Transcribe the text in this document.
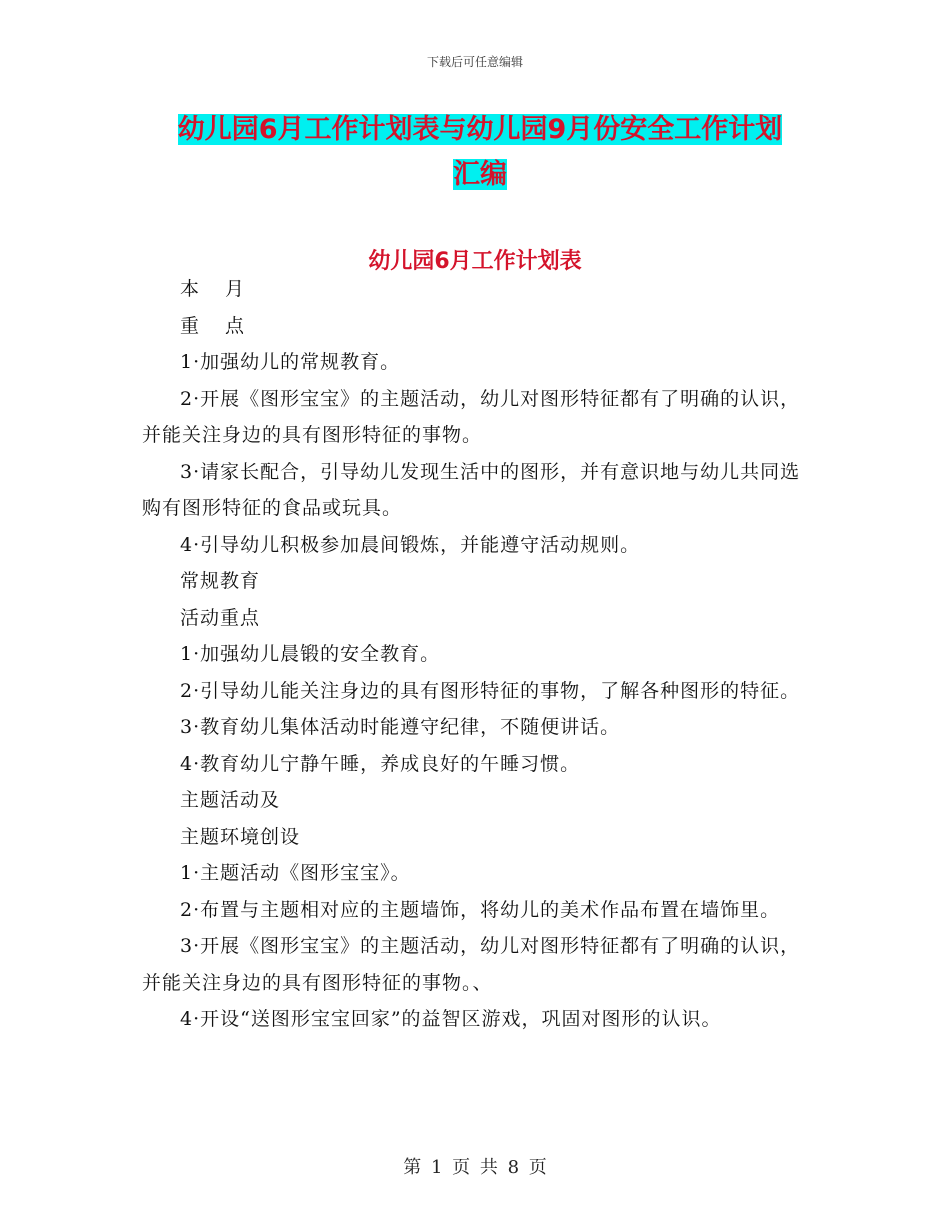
下载后可任意编辑
幼儿园6月工作计划表与幼儿园9月份安全工作计划
汇编
幼儿园6月工作计划表

本 月

重 点

1·加强幼儿的常规教育。

2·开展《图形宝宝》的主题活动，幼儿对图形特征都有了明确的认识，并能关注身边的具有图形特征的事物。

3·请家长配合，引导幼儿发现生活中的图形，并有意识地与幼儿共同选购有图形特征的食品或玩具。

4·引导幼儿积极参加晨间锻炼，并能遵守活动规则。

常规教育

活动重点

1·加强幼儿晨锻的安全教育。

2·引导幼儿能关注身边的具有图形特征的事物，了解各种图形的特征。

3·教育幼儿集体活动时能遵守纪律，不随便讲话。

4·教育幼儿宁静午睡，养成良好的午睡习惯。

主题活动及

主题环境创设

1·主题活动《图形宝宝》。

2·布置与主题相对应的主题墙饰，将幼儿的美术作品布置在墙饰里。

3·开展《图形宝宝》的主题活动，幼儿对图形特征都有了明确的认识，并能关注身边的具有图形特征的事物。、

4·开设“送图形宝宝回家”的益智区游戏，巩固对图形的认识。

第 1 页 共 8 页
